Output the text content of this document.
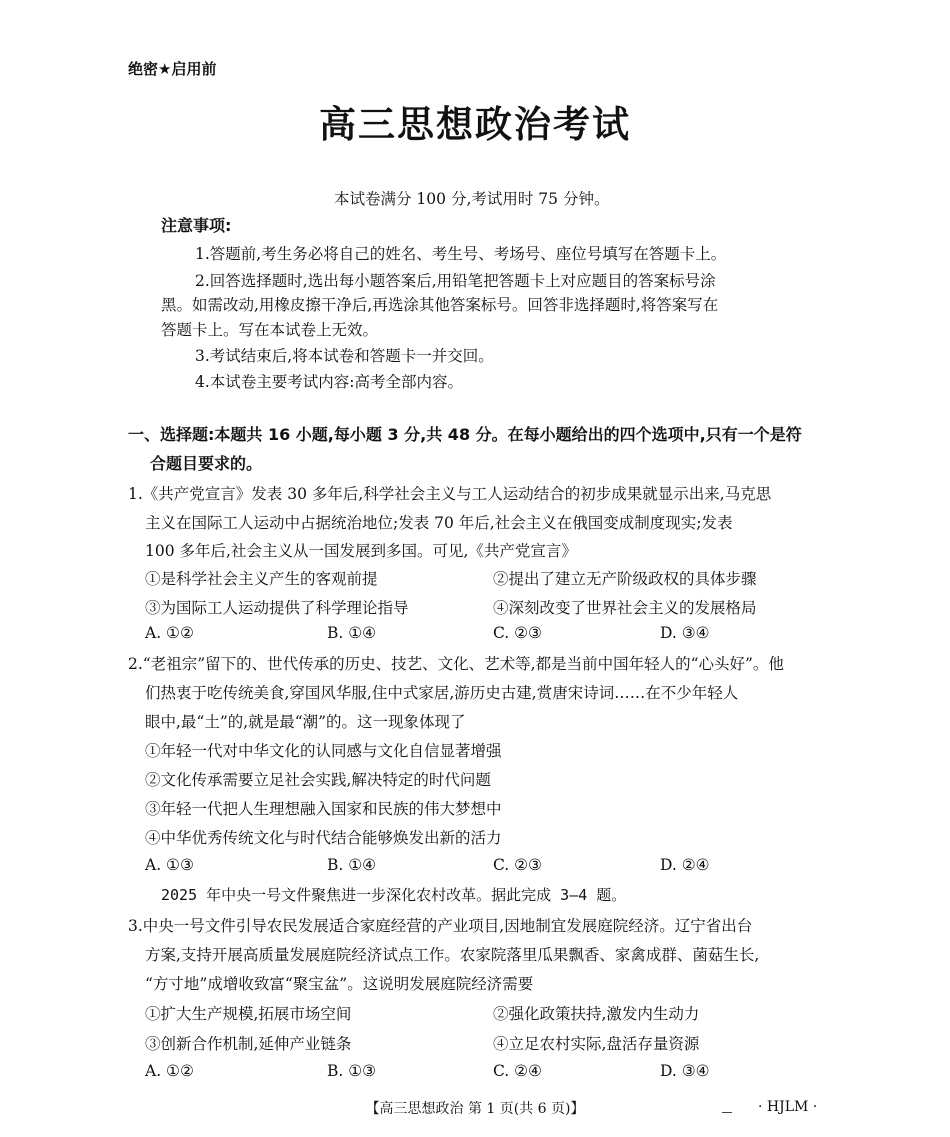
绝密★启用前
高三思想政治考试
本试卷满分 100 分,考试用时 75 分钟。
注意事项:
1.答题前,考生务必将自己的姓名、考生号、考场号、座位号填写在答题卡上。
2.回答选择题时,选出每小题答案后,用铅笔把答题卡上对应题目的答案标号涂
黑。如需改动,用橡皮擦干净后,再选涂其他答案标号。回答非选择题时,将答案写在
答题卡上。写在本试卷上无效。
3.考试结束后,将本试卷和答题卡一并交回。
4.本试卷主要考试内容:高考全部内容。
一、选择题:本题共 16 小题,每小题 3 分,共 48 分。在每小题给出的四个选项中,只有一个是符
合题目要求的。
1.《共产党宣言》发表 30 多年后,科学社会主义与工人运动结合的初步成果就显示出来,马克思
主义在国际工人运动中占据统治地位;发表 70 年后,社会主义在俄国变成制度现实;发表
100 多年后,社会主义从一国发展到多国。可见,《共产党宣言》
①是科学社会主义产生的客观前提	②提出了建立无产阶级政权的具体步骤
③为国际工人运动提供了科学理论指导	④深刻改变了世界社会主义的发展格局
A. ①②	B. ①④	C. ②③	D. ③④
2.“老祖宗”留下的、世代传承的历史、技艺、文化、艺术等,都是当前中国年轻人的“心头好”。他
们热衷于吃传统美食,穿国风华服,住中式家居,游历史古建,赏唐宋诗词……在不少年轻人
眼中,最“土”的,就是最“潮”的。这一现象体现了
①年轻一代对中华文化的认同感与文化自信显著增强
②文化传承需要立足社会实践,解决特定的时代问题
③年轻一代把人生理想融入国家和民族的伟大梦想中
④中华优秀传统文化与时代结合能够焕发出新的活力
A. ①③	B. ①④	C. ②③	D. ②④
2025 年中央一号文件聚焦进一步深化农村改革。据此完成 3—4 题。
3.中央一号文件引导农民发展适合家庭经营的产业项目,因地制宜发展庭院经济。辽宁省出台
方案,支持开展高质量发展庭院经济试点工作。农家院落里瓜果飘香、家禽成群、菌菇生长,
“方寸地”成增收致富“聚宝盆”。这说明发展庭院经济需要
①扩大生产规模,拓展市场空间	②强化政策扶持,激发内生动力
③创新合作机制,延伸产业链条	④立足农村实际,盘活存量资源
A. ①②	B. ①③	C. ②④	D. ③④
【高三思想政治 第 1 页(共 6 页)】	· HJLM ·
